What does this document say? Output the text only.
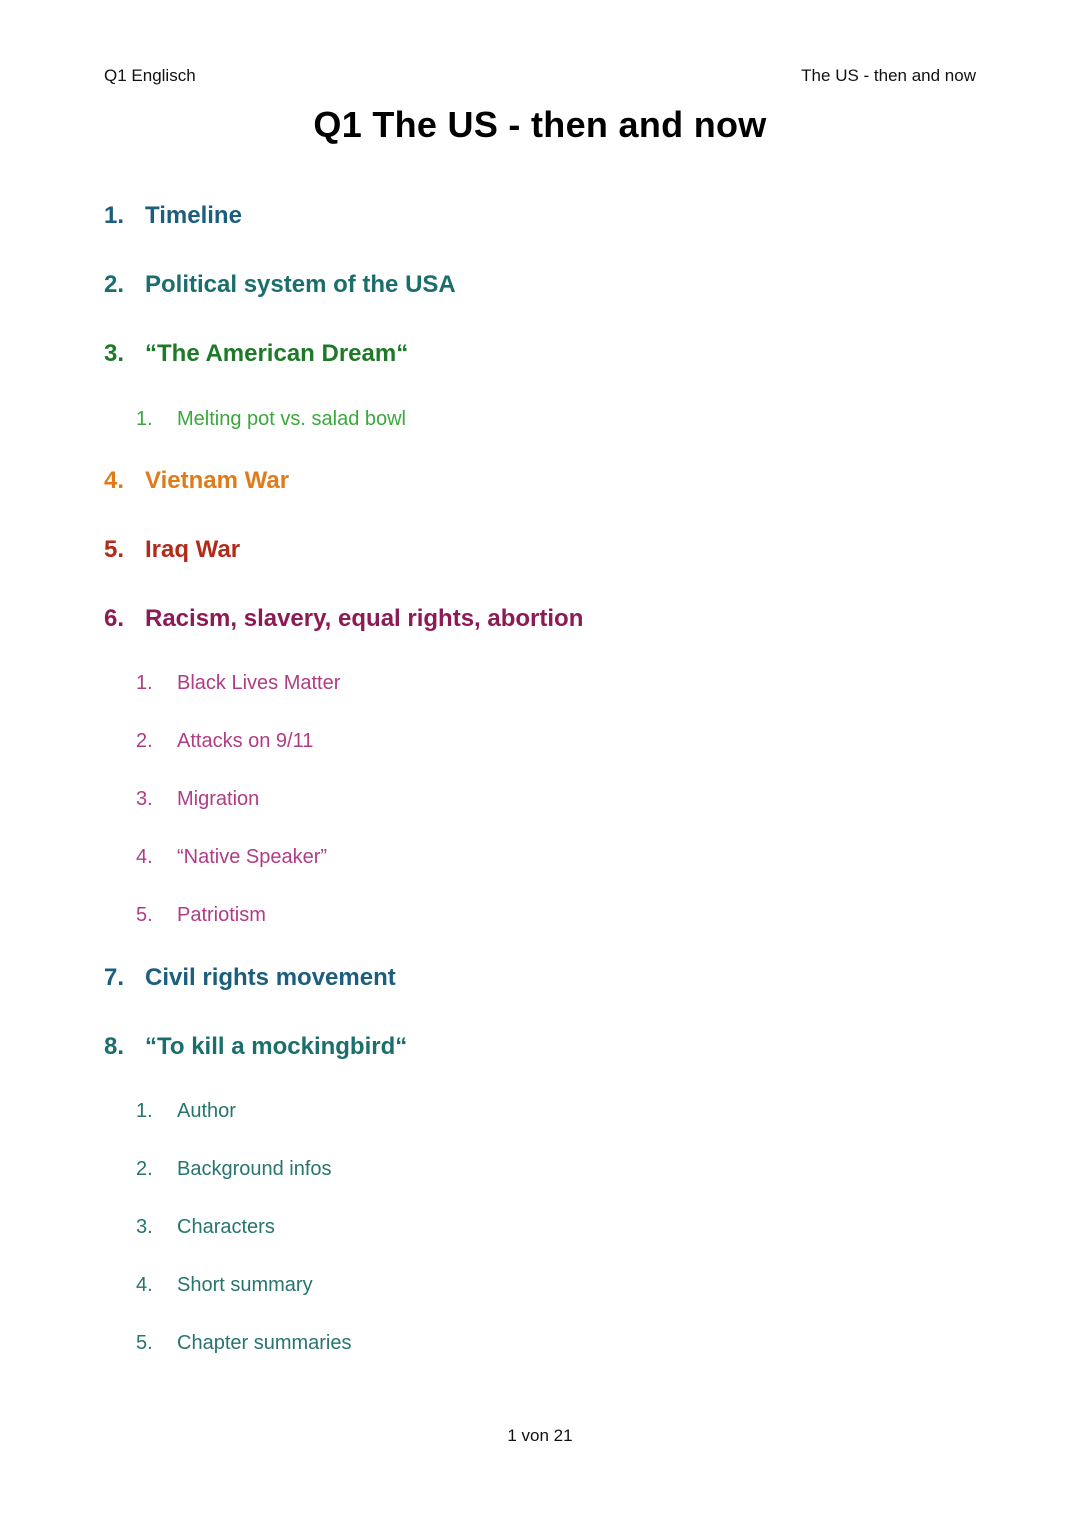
Q1 Englisch	The US - then and now
Q1 The US - then and now
1. Timeline
2. Political system of the USA
3. “The American Dream“
1. Melting pot vs. salad bowl
4. Vietnam War
5. Iraq War
6. Racism, slavery, equal rights, abortion
1. Black Lives Matter
2. Attacks on 9/11
3. Migration
4. “Native Speaker”
5. Patriotism
7. Civil rights movement
8. “To kill a mockingbird“
1. Author
2. Background infos
3. Characters
4. Short summary
5. Chapter summaries
1 von 21
